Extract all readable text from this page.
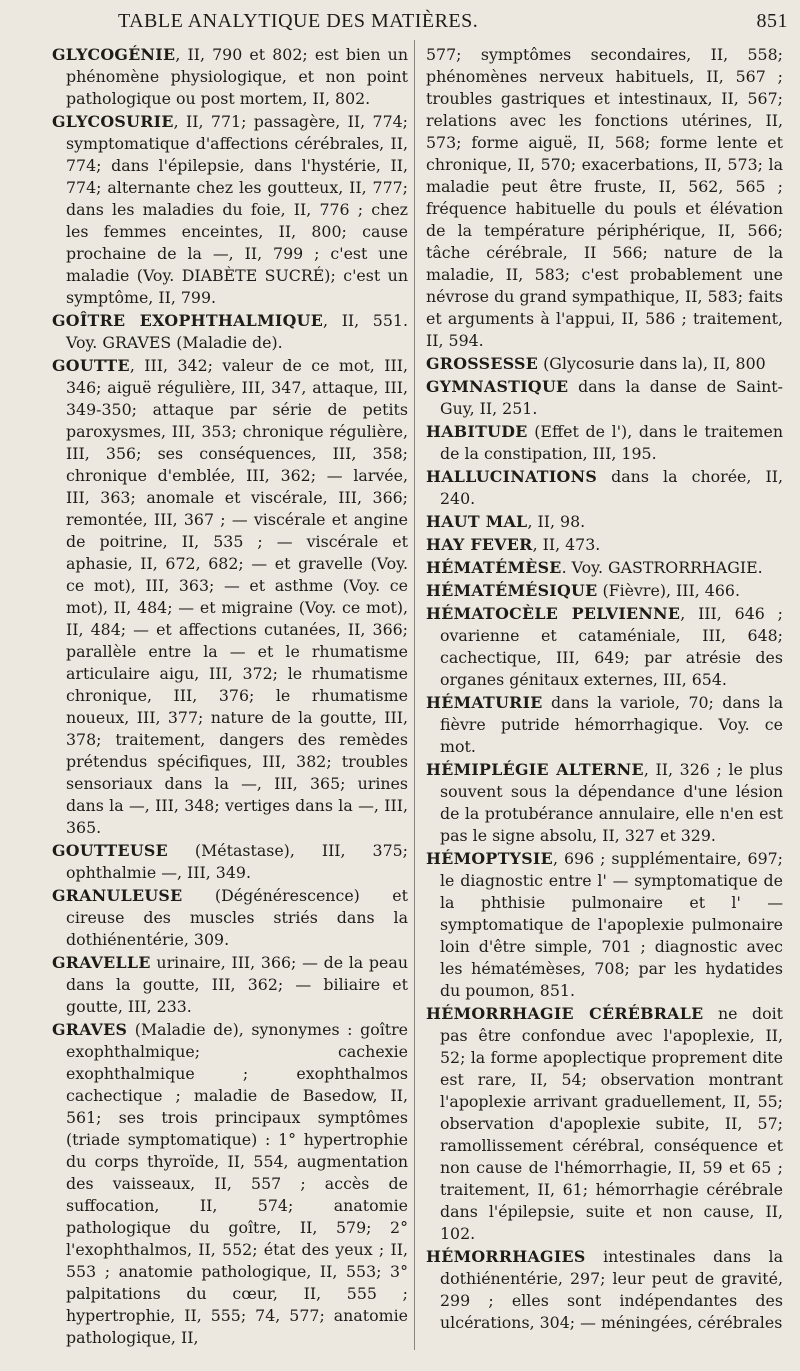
TABLE ANALYTIQUE DES MATIÈRES.	851

GLYCOGÉNIE, II, 790 et 802; est bien un phénomène physiologique, et non point pathologique ou post mortem, II, 802.

GLYCOSURIE, II, 771; passagère, II, 774; symptomatique d'affections cérébrales, II, 774; dans l'épilepsie, dans l'hystérie, II, 774; alternante chez les goutteux, II, 777; dans les maladies du foie, II, 776 ; chez les femmes enceintes, II, 800; cause prochaine de la —, II, 799 ; c'est une maladie (Voy. DIABÈTE SUCRÉ); c'est un symptôme, II, 799.

GOÎTRE EXOPHTHALMIQUE, II, 551. Voy. GRAVES (Maladie de).

GOUTTE, III, 342; valeur de ce mot, III, 346; aiguë régulière, III, 347, attaque, III, 349-350; attaque par série de petits paroxysmes, III, 353; chronique régulière, III, 356; ses conséquences, III, 358; chronique d'emblée, III, 362; — larvée, III, 363; anomale et viscérale, III, 366; remontée, III, 367 ; — viscérale et angine de poitrine, II, 535 ; — viscérale et aphasie, II, 672, 682; — et gravelle (Voy. ce mot), III, 363; — et asthme (Voy. ce mot), II, 484; — et migraine (Voy. ce mot), II, 484; — et affections cutanées, II, 366; parallèle entre la — et le rhumatisme articulaire aigu, III, 372; le rhumatisme chronique, III, 376; le rhumatisme noueux, III, 377; nature de la goutte, III, 378; traitement, dangers des remèdes prétendus spécifiques, III, 382; troubles sensoriaux dans la —, III, 365; urines dans la —, III, 348; vertiges dans la —, III, 365.

GOUTTEUSE (Métastase), III, 375; ophthalmie —, III, 349.

GRANULEUSE (Dégénérescence) et cireuse des muscles striés dans la dothiénentérie, 309.

GRAVELLE urinaire, III, 366; — de la peau dans la goutte, III, 362; — biliaire et goutte, III, 233.

GRAVES (Maladie de), synonymes : goître exophthalmique; cachexie exophthalmique ; exophthalmos cachectique ; maladie de Basedow, II, 561; ses trois principaux symptômes (triade symptomatique) : 1° hypertrophie du corps thyroïde, II, 554, augmentation des vaisseaux, II, 557 ; accès de suffocation, II, 574; anatomie pathologique du goître, II, 579; 2° l'exophthalmos, II, 552; état des yeux ; II, 553 ; anatomie pathologique, II, 553; 3° palpitations du cœur, II, 555 ; hypertrophie, II, 555; 74, 577; anatomie pathologique, II,

577; symptômes secondaires, II, 558; phénomènes nerveux habituels, II, 567 ; troubles gastriques et intestinaux, II, 567; relations avec les fonctions utérines, II, 573; forme aiguë, II, 568; forme lente et chronique, II, 570; exacerbations, II, 573; la maladie peut être fruste, II, 562, 565 ; fréquence habituelle du pouls et élévation de la température périphérique, II, 566; tâche cérébrale, II 566; nature de la maladie, II, 583; c'est probablement une névrose du grand sympathique, II, 583; faits et arguments à l'appui, II, 586 ; traitement, II, 594.

GROSSESSE (Glycosurie dans la), II, 800

GYMNASTIQUE dans la danse de Saint-Guy, II, 251.

HABITUDE (Effet de l'), dans le traitemen de la constipation, III, 195.

HALLUCINATIONS dans la chorée, II, 240.

HAUT MAL, II, 98.

HAY FEVER, II, 473.

HÉMATÉMÈSE. Voy. GASTRORRHAGIE.

HÉMATÉMÉSIQUE (Fièvre), III, 466.

HÉMATOCÈLE PELVIENNE, III, 646 ; ovarienne et cataméniale, III, 648; cachectique, III, 649; par atrésie des organes génitaux externes, III, 654.

HÉMATURIE dans la variole, 70; dans la fièvre putride hémorrhagique. Voy. ce mot.

HÉMIPLÉGIE ALTERNE, II, 326 ; le plus souvent sous la dépendance d'une lésion de la protubérance annulaire, elle n'en est pas le signe absolu, II, 327 et 329.

HÉMOPTYSIE, 696 ; supplémentaire, 697; le diagnostic entre l' — symptomatique de la phthisie pulmonaire et l' — symptomatique de l'apoplexie pulmonaire loin d'être simple, 701 ; diagnostic avec les hématémèses, 708; par les hydatides du poumon, 851.

HÉMORRHAGIE CÉRÉBRALE ne doit pas être confondue avec l'apoplexie, II, 52; la forme apoplectique proprement dite est rare, II, 54; observation montrant l'apoplexie arrivant graduellement, II, 55; observation d'apoplexie subite, II, 57; ramollissement cérébral, conséquence et non cause de l'hémorrhagie, II, 59 et 65 ; traitement, II, 61; hémorrhagie cérébrale dans l'épilepsie, suite et non cause, II, 102.

HÉMORRHAGIES intestinales dans la dothiénentérie, 297; leur peut de gravité, 299 ; elles sont indépendantes des ulcérations, 304; — méningées, cérébrales
